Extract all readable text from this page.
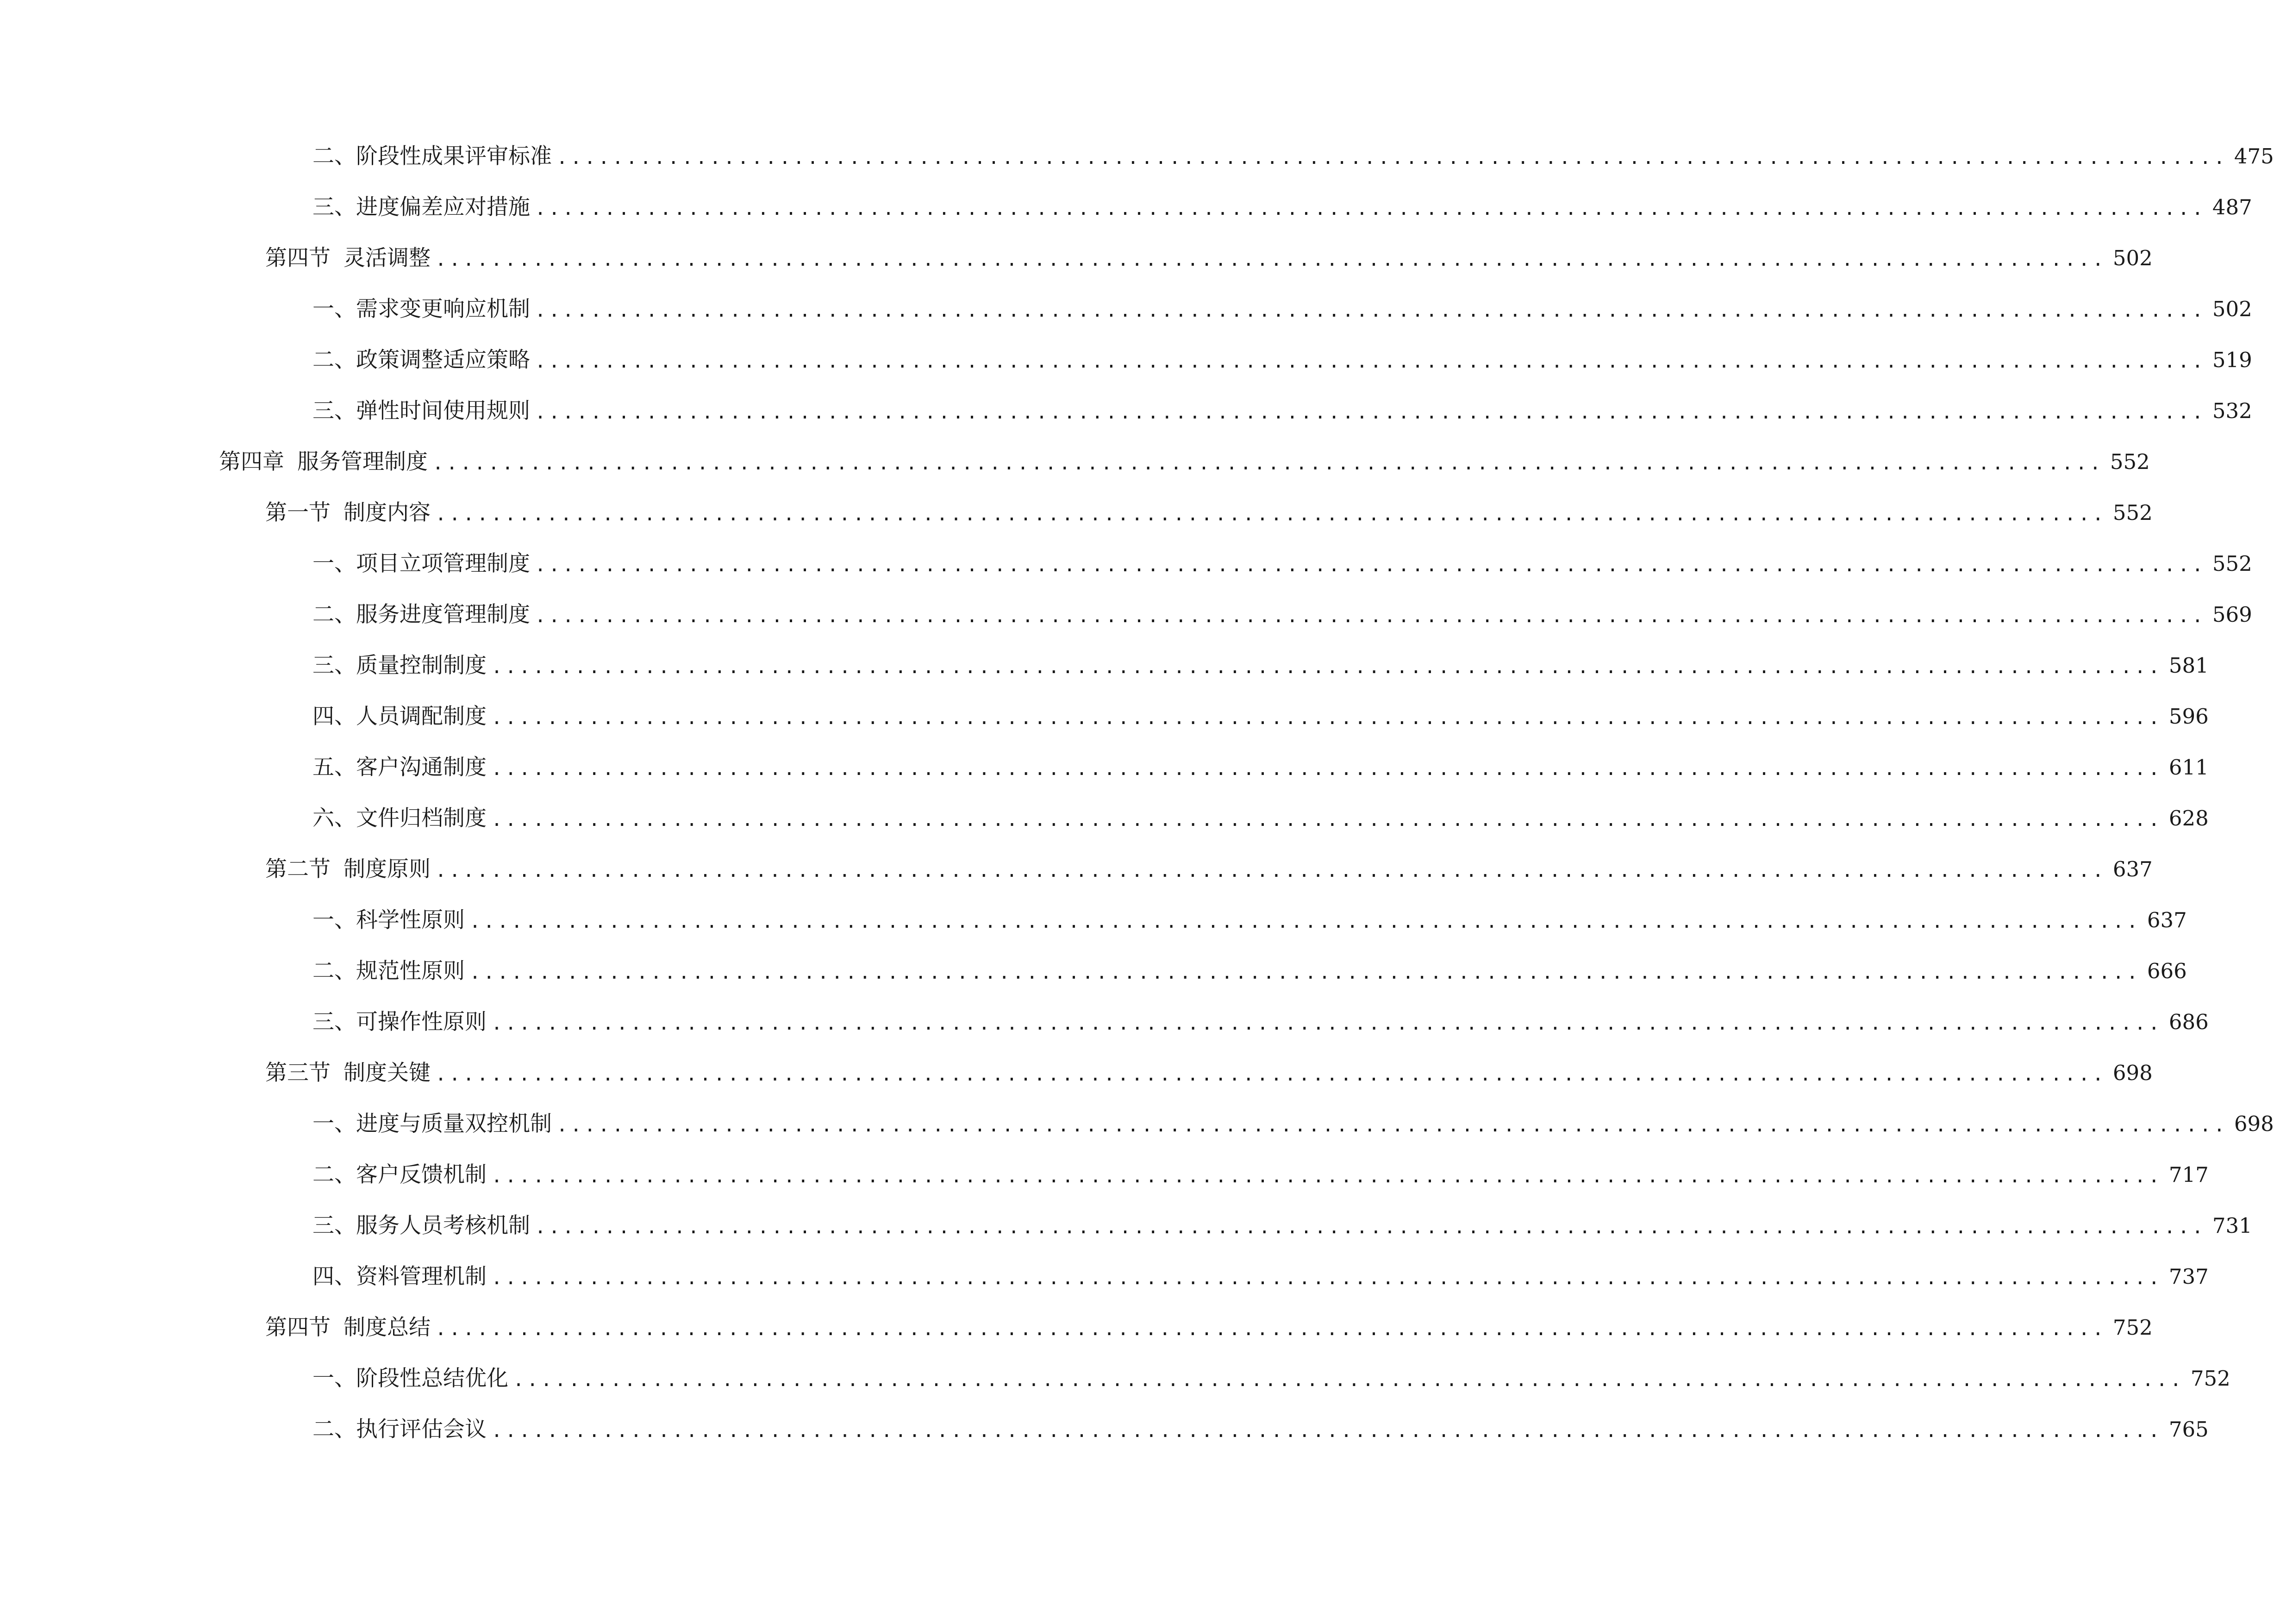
二、 阶段性成果评审标准 ........................................................................................................................ 475
三、 进度偏差应对措施 ........................................................................................................................ 487
第四节 灵活调整 ........................................................................................................................ 502
一、 需求变更响应机制 ........................................................................................................................ 502
二、 政策调整适应策略 ........................................................................................................................ 519
三、 弹性时间使用规则 ........................................................................................................................ 532
第四章 服务管理制度 ........................................................................................................................ 552
第一节 制度内容 ........................................................................................................................ 552
一、 项目立项管理制度 ........................................................................................................................ 552
二、 服务进度管理制度 ........................................................................................................................ 569
三、 质量控制制度 ........................................................................................................................ 581
四、 人员调配制度 ........................................................................................................................ 596
五、 客户沟通制度 ........................................................................................................................ 611
六、 文件归档制度 ........................................................................................................................ 628
第二节 制度原则 ........................................................................................................................ 637
一、 科学性原则 ........................................................................................................................ 637
二、 规范性原则 ........................................................................................................................ 666
三、 可操作性原则 ........................................................................................................................ 686
第三节 制度关键 ........................................................................................................................ 698
一、 进度与质量双控机制 ........................................................................................................................ 698
二、 客户反馈机制 ........................................................................................................................ 717
三、 服务人员考核机制 ........................................................................................................................ 731
四、 资料管理机制 ........................................................................................................................ 737
第四节 制度总结 ........................................................................................................................ 752
一、 阶段性总结优化 ........................................................................................................................ 752
二、 执行评估会议 ........................................................................................................................ 765
